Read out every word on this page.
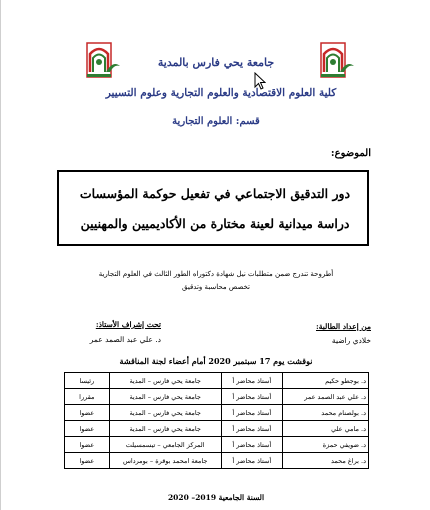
جامعة يحي فارس بالمدية
كلية العلوم الاقتصادية والعلوم التجارية وعلوم التسيير
قسم: العلوم التجارية
الموضوع:
دور التدقيق الاجتماعي في تفعيل حوكمة المؤسسات
دراسة ميدانية لعينة مختارة من الأكاديميين والمهنيين
أطروحة تندرج ضمن متطلبات نيل شهادة دكتوراه الطور الثالث في العلوم التجارية
تخصص محاسبة وتدقيق
من إعداد الطالبة:
خلادي راضية
تحت إشراف الأستاذ:
د. علي عبد الصمد عمر
نوقشت يوم 17 سبتمبر 2020 أمام أعضاء لجنة المناقشة
د. بوجطو حكيم	أستاذ محاضر أ	جامعة يحي فارس – المدية	رئيسا
د. علي عبد الصمد عمر	أستاذ محاضر أ	جامعة يحي فارس – المدية	مقررا
د. بولصنام محمد	أستاذ محاضر أ	جامعة يحي فارس – المدية	عضوا
د. مامي علي	أستاذ محاضر أ	جامعة يحي فارس – المدية	عضوا
د. ضويفي حمزة	أستاذ محاضر أ	المركز الجامعي – تيسمسيلت	عضوا
د. براغ محمد	أستاذ محاضر أ	جامعة امحمد بوقرة – بومرداس	عضوا
السنة الجامعية 2019– 2020
